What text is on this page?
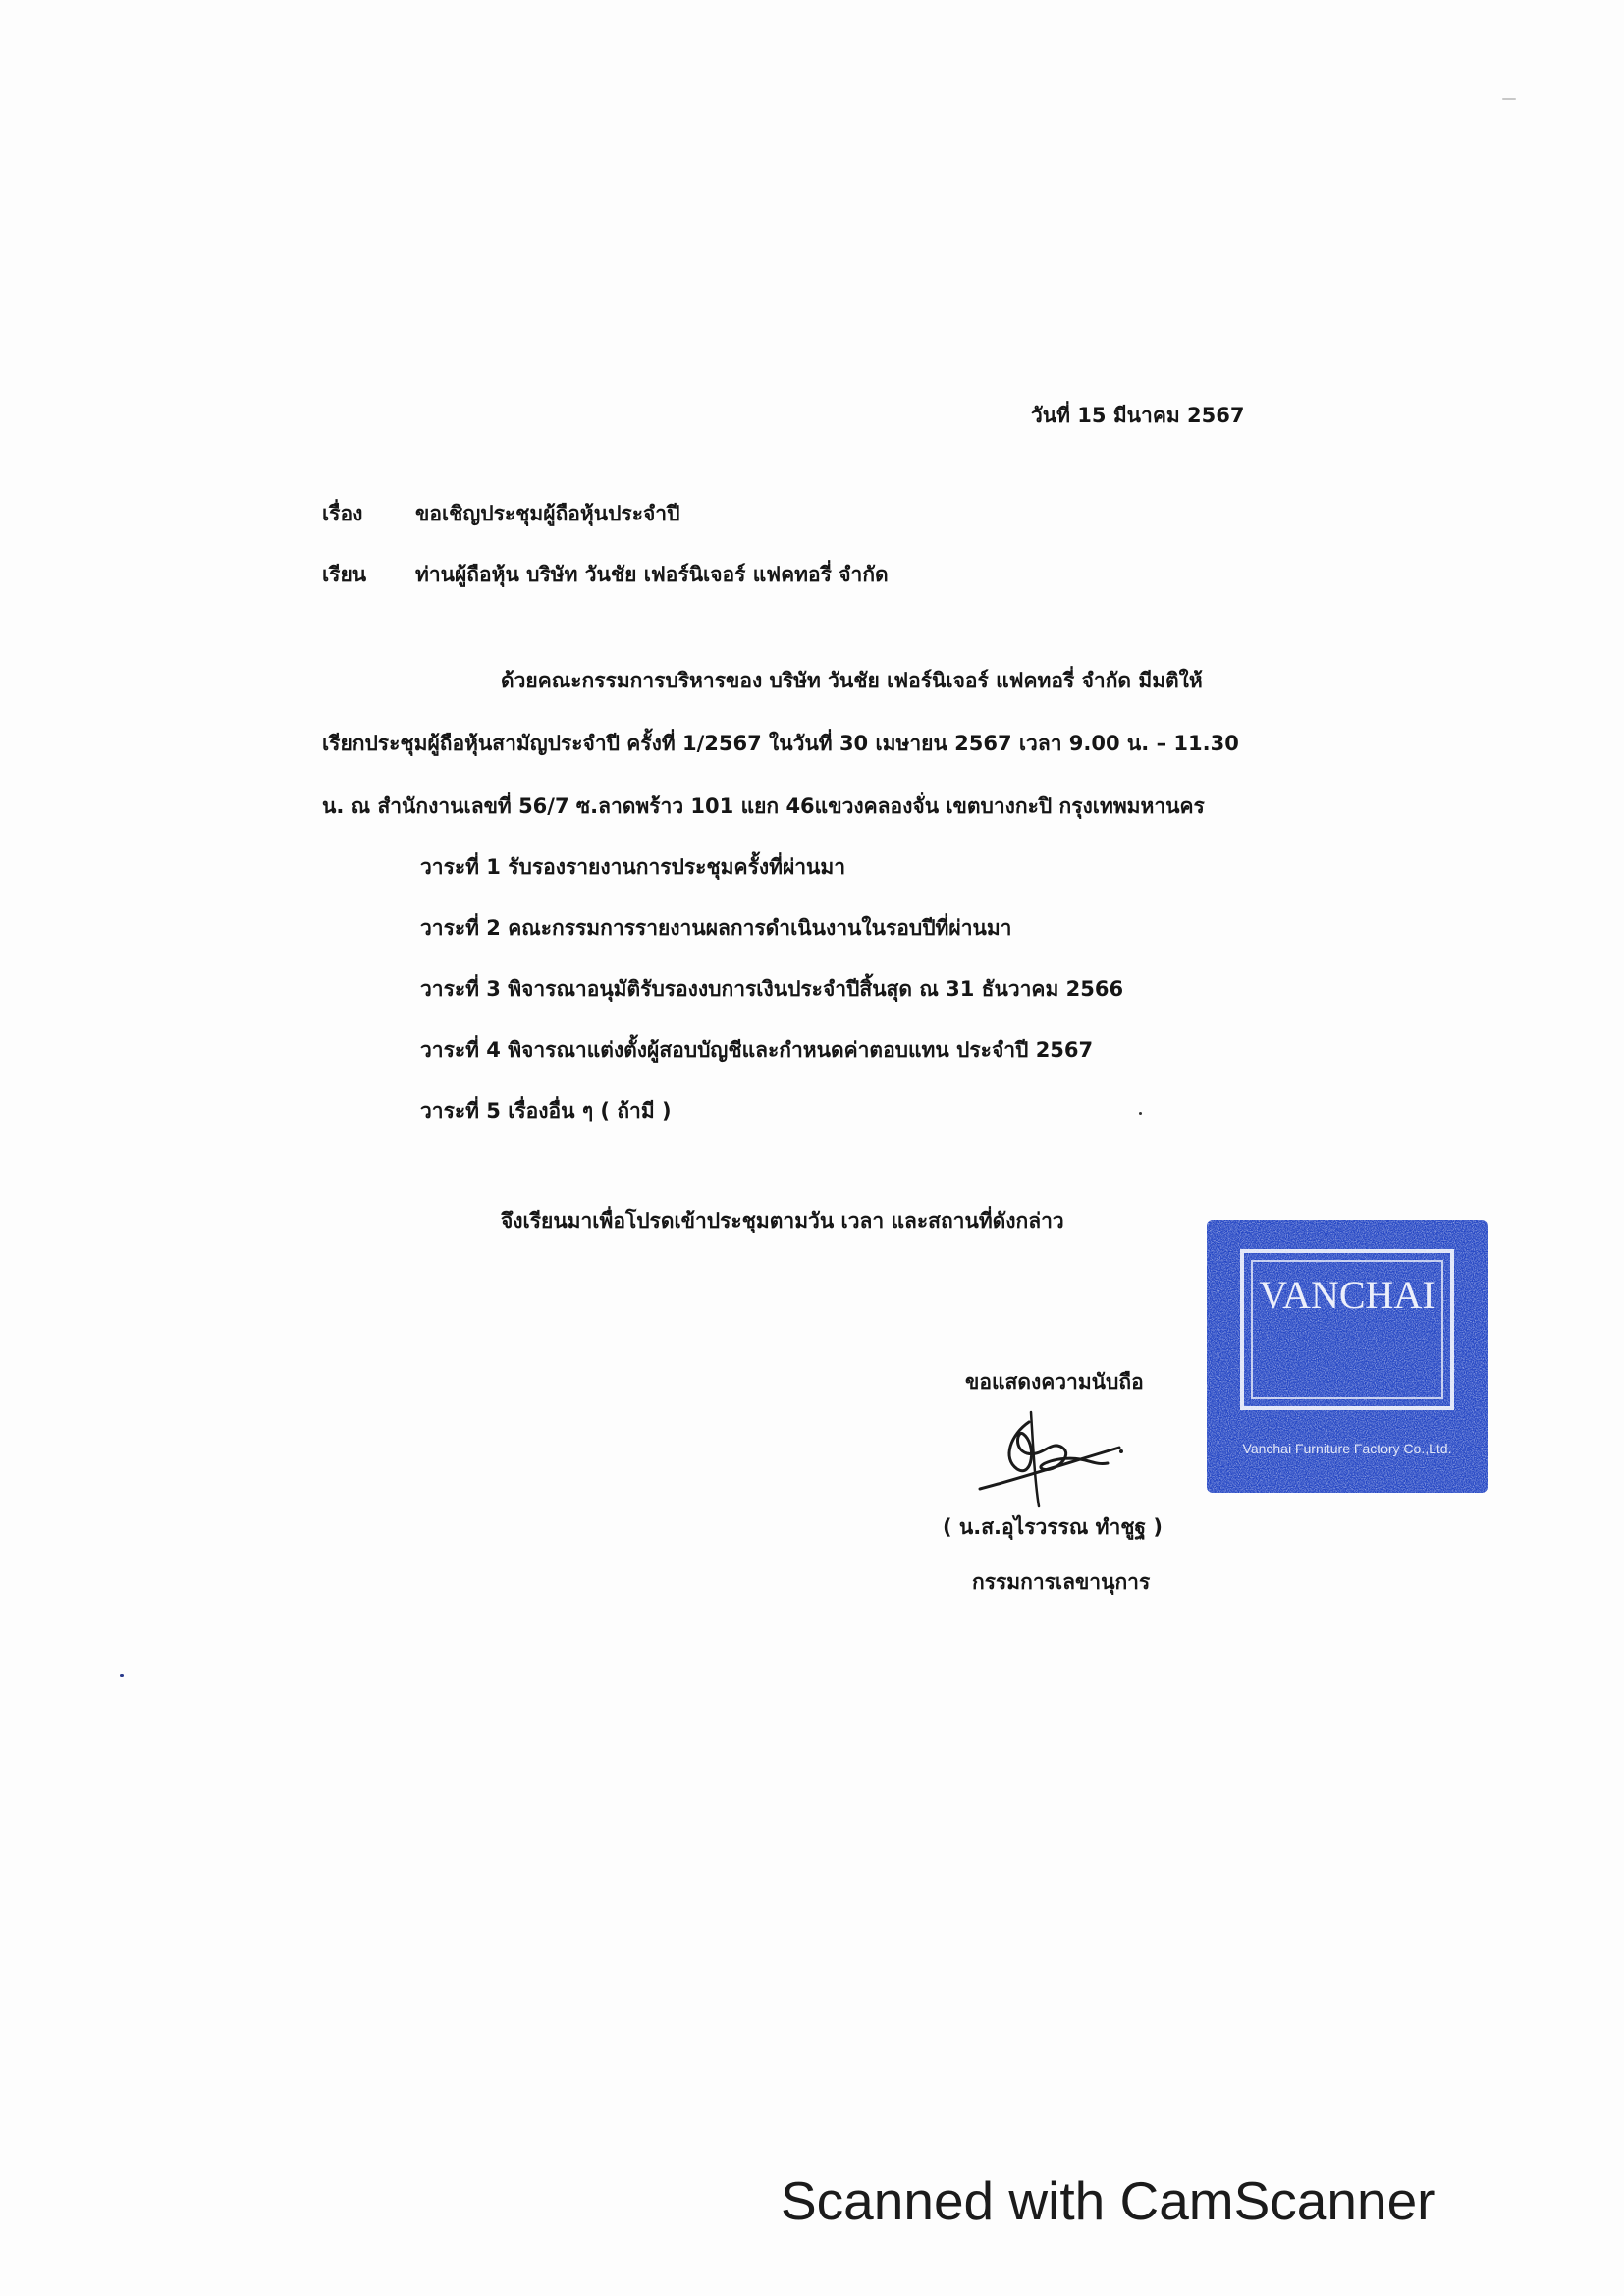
วันที่ 15 มีนาคม 2567
เรื่อง	ขอเชิญประชุมผู้ถือหุ้นประจำปี
เรียน ท่านผู้ถือหุ้น บริษัท วันชัย เฟอร์นิเจอร์ แฟคทอรี่ จำกัด
ด้วยคณะกรรมการบริหารของ บริษัท วันชัย เฟอร์นิเจอร์ แฟคทอรี่ จำกัด มีมติให้
เรียกประชุมผู้ถือหุ้นสามัญประจำปี ครั้งที่ 1/2567 ในวันที่ 30 เมษายน 2567 เวลา 9.00 น. – 11.30
น. ณ สำนักงานเลขที่ 56/7 ซ.ลาดพร้าว 101 แยก 46แขวงคลองจั่น เขตบางกะปิ กรุงเทพมหานคร
วาระที่ 1 รับรองรายงานการประชุมครั้งที่ผ่านมา
วาระที่ 2 คณะกรรมการรายงานผลการดำเนินงานในรอบปีที่ผ่านมา
วาระที่ 3 พิจารณาอนุมัติรับรองงบการเงินประจำปีสิ้นสุด ณ 31 ธันวาคม 2566
วาระที่ 4 พิจารณาแต่งตั้งผู้สอบบัญชีและกำหนดค่าตอบแทน ประจำปี 2567
วาระที่ 5 เรื่องอื่น ๆ ( ถ้ามี )
จึงเรียนมาเพื่อโปรดเข้าประชุมตามวัน เวลา และสถานที่ดังกล่าว
ขอแสดงความนับถือ
( น.ส.อุไรวรรณ ทำชูฐ )
กรรมการเลขานุการ
VANCHAI
Vanchai Furniture Factory Co.,Ltd.
Scanned with CamScanner
